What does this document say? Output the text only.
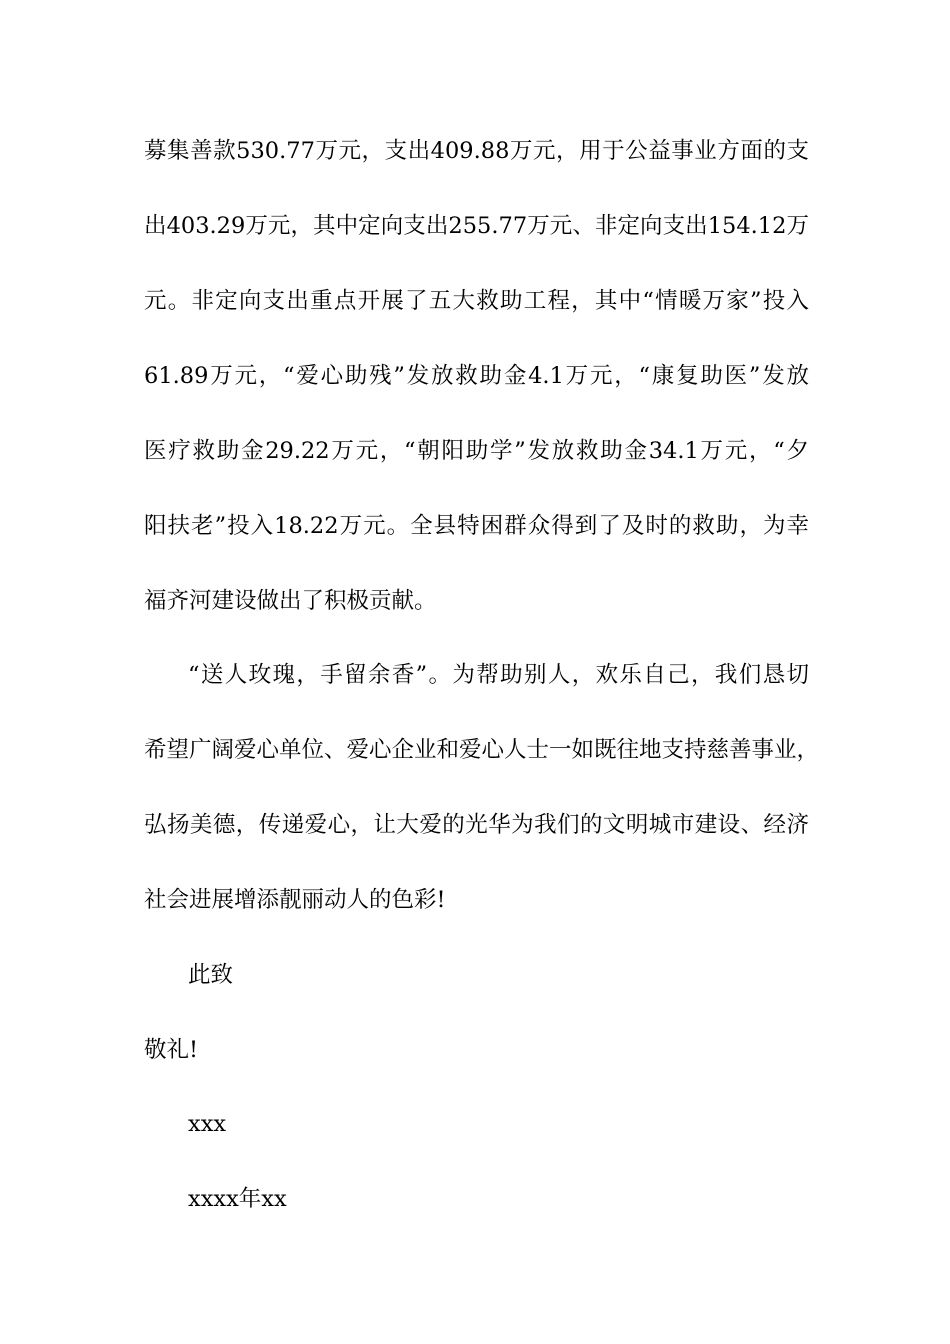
募集善款530.77万元，支出409.88万元，用于公益事业方面的支
出403.29万元，其中定向支出255.77万元、非定向支出154.12万
元。非定向支出重点开展了五大救助工程，其中“情暖万家”投入
61.89万元，“爱心助残”发放救助金4.1万元，“康复助医”发放
医疗救助金29.22万元，“朝阳助学”发放救助金34.1万元，“夕
阳扶老”投入18.22万元。全县特困群众得到了及时的救助，为幸
福齐河建设做出了积极贡献。
“送人玫瑰，手留余香”。为帮助别人，欢乐自己，我们恳切
希望广阔爱心单位、爱心企业和爱心人士一如既往地支持慈善事业，
弘扬美德，传递爱心，让大爱的光华为我们的文明城市建设、经济
社会进展增添靓丽动人的色彩!
此致
敬礼!
xxx
xxxx年xx
